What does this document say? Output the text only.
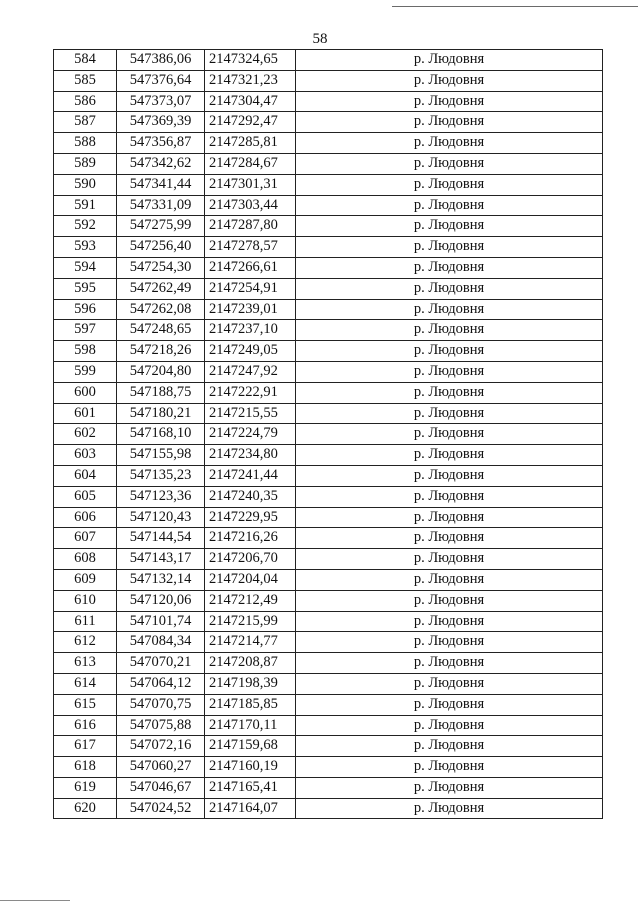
58
584	547386,06	2147324,65	р. Людовня
585	547376,64	2147321,23	р. Людовня
586	547373,07	2147304,47	р. Людовня
587	547369,39	2147292,47	р. Людовня
588	547356,87	2147285,81	р. Людовня
589	547342,62	2147284,67	р. Людовня
590	547341,44	2147301,31	р. Людовня
591	547331,09	2147303,44	р. Людовня
592	547275,99	2147287,80	р. Людовня
593	547256,40	2147278,57	р. Людовня
594	547254,30	2147266,61	р. Людовня
595	547262,49	2147254,91	р. Людовня
596	547262,08	2147239,01	р. Людовня
597	547248,65	2147237,10	р. Людовня
598	547218,26	2147249,05	р. Людовня
599	547204,80	2147247,92	р. Людовня
600	547188,75	2147222,91	р. Людовня
601	547180,21	2147215,55	р. Людовня
602	547168,10	2147224,79	р. Людовня
603	547155,98	2147234,80	р. Людовня
604	547135,23	2147241,44	р. Людовня
605	547123,36	2147240,35	р. Людовня
606	547120,43	2147229,95	р. Людовня
607	547144,54	2147216,26	р. Людовня
608	547143,17	2147206,70	р. Людовня
609	547132,14	2147204,04	р. Людовня
610	547120,06	2147212,49	р. Людовня
611	547101,74	2147215,99	р. Людовня
612	547084,34	2147214,77	р. Людовня
613	547070,21	2147208,87	р. Людовня
614	547064,12	2147198,39	р. Людовня
615	547070,75	2147185,85	р. Людовня
616	547075,88	2147170,11	р. Людовня
617	547072,16	2147159,68	р. Людовня
618	547060,27	2147160,19	р. Людовня
619	547046,67	2147165,41	р. Людовня
620	547024,52	2147164,07	р. Людовня
